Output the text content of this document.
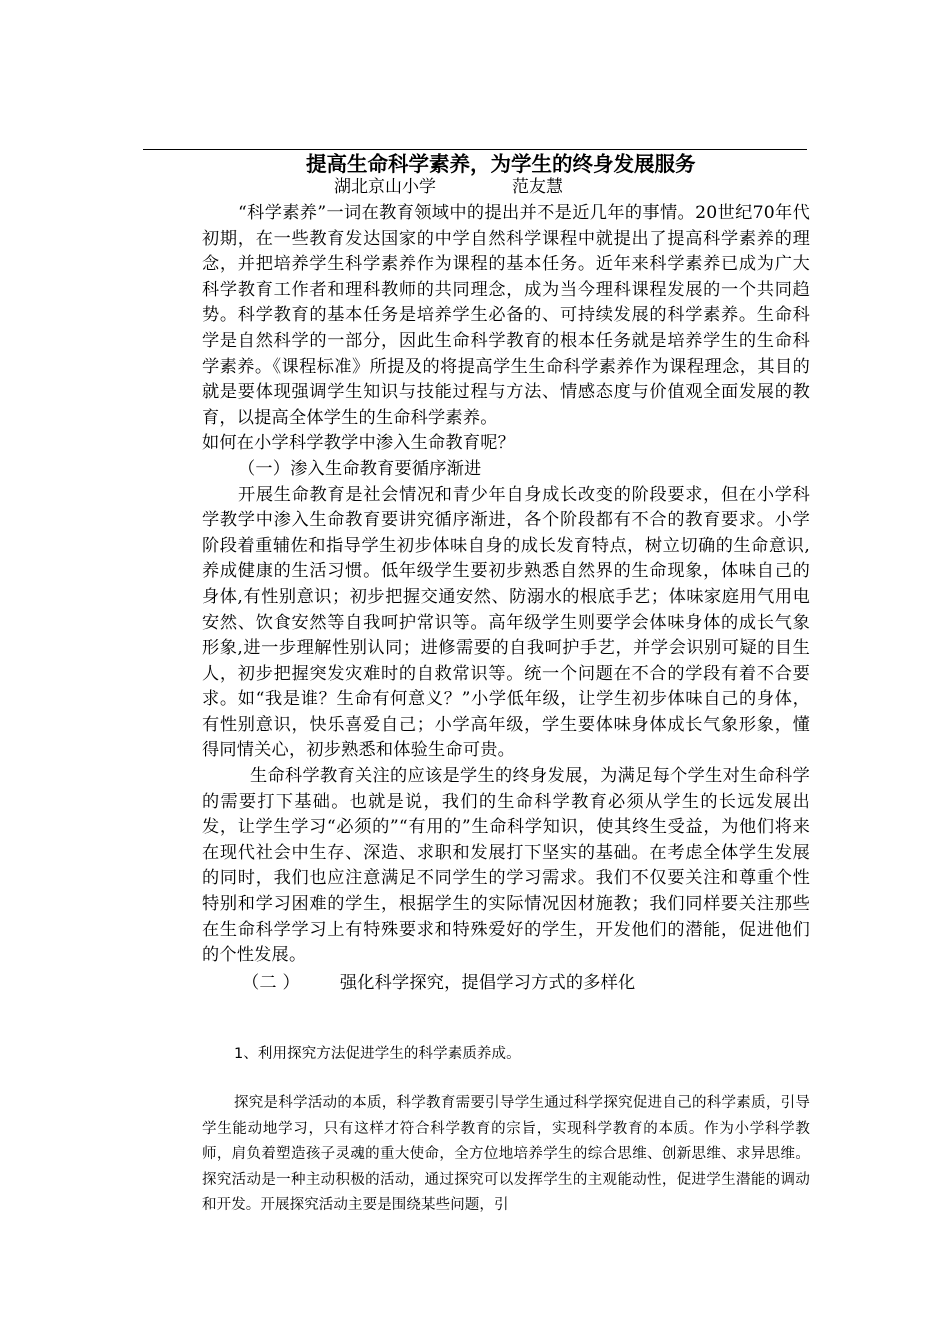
提高生命科学素养，为学生的终身发展服务
湖北京山小学	范友慧

“科学素养”一词在教育领域中的提出并不是近几年的事情。20世纪70年代初期，在一些教育发达国家的中学自然科学课程中就提出了提高科学素养的理念，并把培养学生科学素养作为课程的基本任务。近年来科学素养已成为广大科学教育工作者和理科教师的共同理念，成为当今理科课程发展的一个共同趋势。科学教育的基本任务是培养学生必备的、可持续发展的科学素养。生命科学是自然科学的一部分，因此生命科学教育的根本任务就是培养学生的生命科学素养。《课程标准》所提及的将提高学生生命科学素养作为课程理念，其目的就是要体现强调学生知识与技能过程与方法、情感态度与价值观全面发展的教育，以提高全体学生的生命科学素养。

如何在小学科学教学中渗入生命教育呢？

（一）渗入生命教育要循序渐进

开展生命教育是社会情况和青少年自身成长改变的阶段要求，但在小学科学教学中渗入生命教育要讲究循序渐进，各个阶段都有不合的教育要求。小学阶段着重辅佐和指导学生初步体味自身的成长发育特点，树立切确的生命意识,养成健康的生活习惯。低年级学生要初步熟悉自然界的生命现象，体味自己的身体,有性别意识；初步把握交通安然、防溺水的根底手艺；体味家庭用气用电安然、饮食安然等自我呵护常识等。高年级学生则要学会体味身体的成长气象形象,进一步理解性别认同；进修需要的自我呵护手艺，并学会识别可疑的目生人，初步把握突发灾难时的自救常识等。统一个问题在不合的学段有着不合要求。如“我是谁？生命有何意义？”小学低年级，让学生初步体味自己的身体，有性别意识，快乐喜爱自己；小学高年级，学生要体味身体成长气象形象，懂得同情关心，初步熟悉和体验生命可贵。

生命科学教育关注的应该是学生的终身发展，为满足每个学生对生命科学的需要打下基础。也就是说，我们的生命科学教育必须从学生的长远发展出发，让学生学习“必须的”“有用的”生命科学知识，使其终生受益，为他们将来在现代社会中生存、深造、求职和发展打下坚实的基础。在考虑全体学生发展的同时，我们也应注意满足不同学生的学习需求。我们不仅要关注和尊重个性特别和学习困难的学生，根据学生的实际情况因材施教；我们同样要关注那些在生命科学学习上有特殊要求和特殊爱好的学生，开发他们的潜能，促进他们的个性发展。

（二 ） 强化科学探究，提倡学习方式的多样化

1、利用探究方法促进学生的科学素质养成。

探究是科学活动的本质，科学教育需要引导学生通过科学探究促进自己的科学素质，引导学生能动地学习，只有这样才符合科学教育的宗旨，实现科学教育的本质。作为小学科学教师，肩负着塑造孩子灵魂的重大使命，全方位地培养学生的综合思维、创新思维、求异思维。探究活动是一种主动积极的活动，通过探究可以发挥学生的主观能动性，促进学生潜能的调动和开发。开展探究活动主要是围绕某些问题，引
